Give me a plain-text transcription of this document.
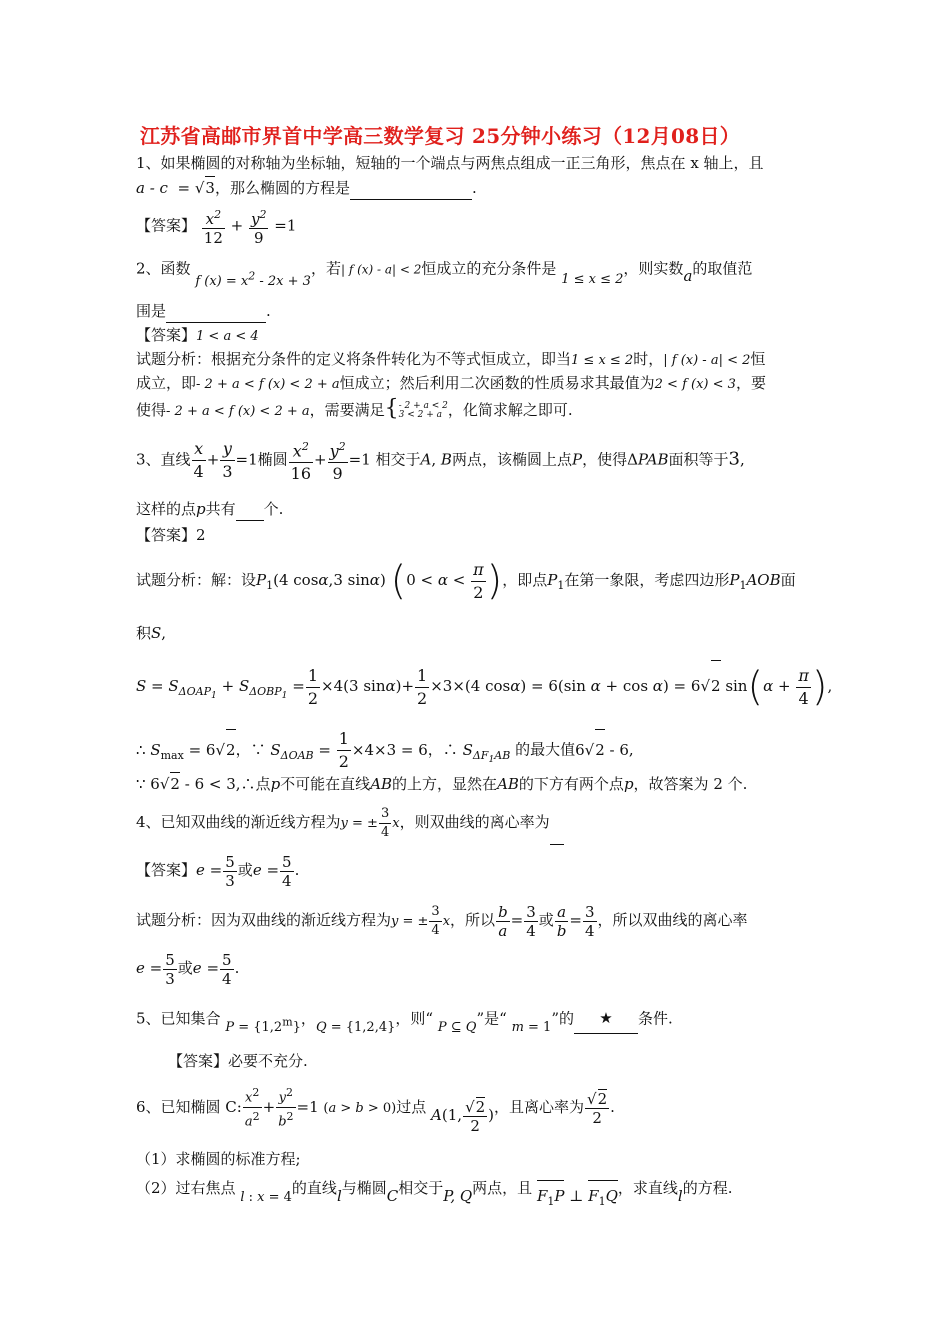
江苏省高邮市界首中学高三数学复习 25分钟小练习（12月08日）
1、如果椭圆的对称轴为坐标轴，短轴的一个端点与两焦点组成一正三角形，焦点在 x 轴上，且
a - c  = √3，那么椭圆的方程是	.
【答案】 $\frac{x^2}{12} + \frac{y^2}{9} =1$
2、函数 f $(x) = x^2 - 2x + 3$，若| f (x) - a| < 2恒成立的充分条件是 1 ≤ x ≤ 2，则实数a的取值范
围是	.
【答案】1 < a < 4
试题分析：根据充分条件的定义将条件转化为不等式恒成立，即当1 ≤ x ≤ 2时，| f (x) - a| < 2恒
成立，即- 2 + a < f (x) < 2 + a恒成立；然后利用二次函数的性质易求其最值为2 < f (x) < 3，要
使得- 2 + a < f (x) < 2 + a，需要满足{- 2 + a < 2
3 < 2 + a ，化简求解之即可.
3、直线 $\frac{x}{4} + \frac{y}{3} =1$椭圆 $\frac{x^2}{16} + \frac{y^2}{9} =1$ 相交于A, B两点，该椭圆上点P，使得ΔPAB面积等于3,
这样的点p共有 个.
【答案】2
试题分析：解：设$P_1(4$ cosα,3 sinα) ($0 < \alpha < \frac{\pi}{2}$ )，即点$P_1$在第一象限，考虑四边形$P_1AOB$面
积S,
$S = S_{\Delta OAP_1} + S_{\Delta OBP_1} = \frac{1}{2} \times 4(3$ $\sin\alpha)+ \frac{1}{2} \times 3\times(4$ cosα) = 6(sin α + cos α) = 6√2 $\sin(\alpha + \frac{\pi}{4}$ ),
∴ $S_{max} = 6√2$，∵ $S_{\Delta OAB} = \frac{1}{2} \times 4\times 3 = 6$，∴ $S_{\Delta F_1AB}$ 的最大值6√2 - 6,
∵ 6√2 - 6 < 3,∴点p不可能在直线AB的上方，显然在AB的下方有两个点p，故答案为 2 个.
4、已知双曲线的渐近线方程为y = ± $\frac{3}{4}$ x，则双曲线的离心率为
【答案】$e = \frac{5}{3}$ 或$e = \frac{5}{4}$ .
试题分析：因为双曲线的渐近线方程为y = ± $\frac{3}{4}$ x，所以 $\frac{b}{a} = \frac{3}{4}$ 或 $\frac{a}{b} = \frac{3}{4}$ ，所以双曲线的离心率
$e = \frac{5}{3}$ 或$e = \frac{5}{4}$ .
5、已知集合 $P = \{1,2^m\}$，Q = {1,2,4}，则“ P ⊆ Q”是“ m = 1”的 ★ 条件.
【答案】必要不充分.
6、已知椭圆 C: $\frac{x^2}{a^2} + \frac{y^2}{b^2} =1$ (a > b > 0)过点 A(1, $\frac{√2}{2}$ )，且离心率为 $\frac{√2}{2}$ .
（1）求椭圆的标准方程;
（2）过右焦点 l : x = 4的直线l与椭圆C相交于P, Q两点，且 $F_1P$ ⊥ $F_1Q$，求直线l的方程.
